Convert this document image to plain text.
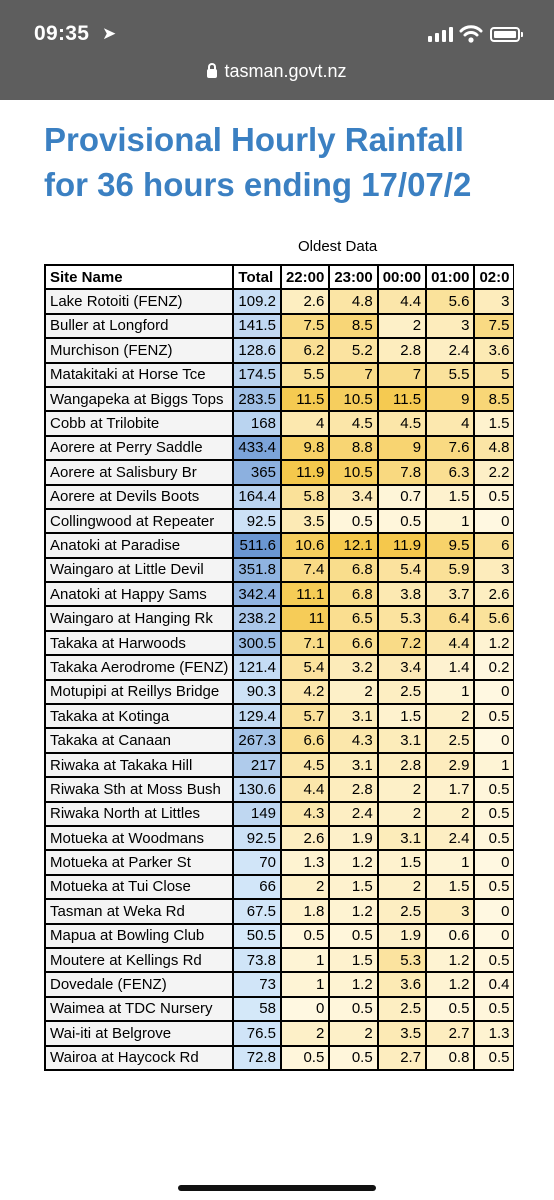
09:35 ➤
tasman.govt.nz
Provisional Hourly Rainfall
for 36 hours ending 17/07/2
Oldest Data
Site Name	Total	22:00	23:00	00:00	01:00	02:0
Lake Rotoiti (FENZ)	109.2	2.6	4.8	4.4	5.6	3
Buller at Longford	141.5	7.5	8.5	2	3	7.5
Murchison (FENZ)	128.6	6.2	5.2	2.8	2.4	3.6
Matakitaki at Horse Tce	174.5	5.5	7	7	5.5	5
Wangapeka at Biggs Tops	283.5	11.5	10.5	11.5	9	8.5
Cobb at Trilobite	168	4	4.5	4.5	4	1.5
Aorere at Perry Saddle	433.4	9.8	8.8	9	7.6	4.8
Aorere at Salisbury Br	365	11.9	10.5	7.8	6.3	2.2
Aorere at Devils Boots	164.4	5.8	3.4	0.7	1.5	0.5
Collingwood at Repeater	92.5	3.5	0.5	0.5	1	0
Anatoki at Paradise	511.6	10.6	12.1	11.9	9.5	6
Waingaro at Little Devil	351.8	7.4	6.8	5.4	5.9	3
Anatoki at Happy Sams	342.4	11.1	6.8	3.8	3.7	2.6
Waingaro at Hanging Rk	238.2	11	6.5	5.3	6.4	5.6
Takaka at Harwoods	300.5	7.1	6.6	7.2	4.4	1.2
Takaka Aerodrome (FENZ)	121.4	5.4	3.2	3.4	1.4	0.2
Motupipi at Reillys Bridge	90.3	4.2	2	2.5	1	0
Takaka at Kotinga	129.4	5.7	3.1	1.5	2	0.5
Takaka at Canaan	267.3	6.6	4.3	3.1	2.5	0
Riwaka at Takaka Hill	217	4.5	3.1	2.8	2.9	1
Riwaka Sth at Moss Bush	130.6	4.4	2.8	2	1.7	0.5
Riwaka North at Littles	149	4.3	2.4	2	2	0.5
Motueka at Woodmans	92.5	2.6	1.9	3.1	2.4	0.5
Motueka at Parker St	70	1.3	1.2	1.5	1	0
Motueka at Tui Close	66	2	1.5	2	1.5	0.5
Tasman at Weka Rd	67.5	1.8	1.2	2.5	3	0
Mapua at Bowling Club	50.5	0.5	0.5	1.9	0.6	0
Moutere at Kellings Rd	73.8	1	1.5	5.3	1.2	0.5
Dovedale (FENZ)	73	1	1.2	3.6	1.2	0.4
Waimea at TDC Nursery	58	0	0.5	2.5	0.5	0.5
Wai-iti at Belgrove	76.5	2	2	3.5	2.7	1.3
Wairoa at Haycock Rd	72.8	0.5	0.5	2.7	0.8	0.5
